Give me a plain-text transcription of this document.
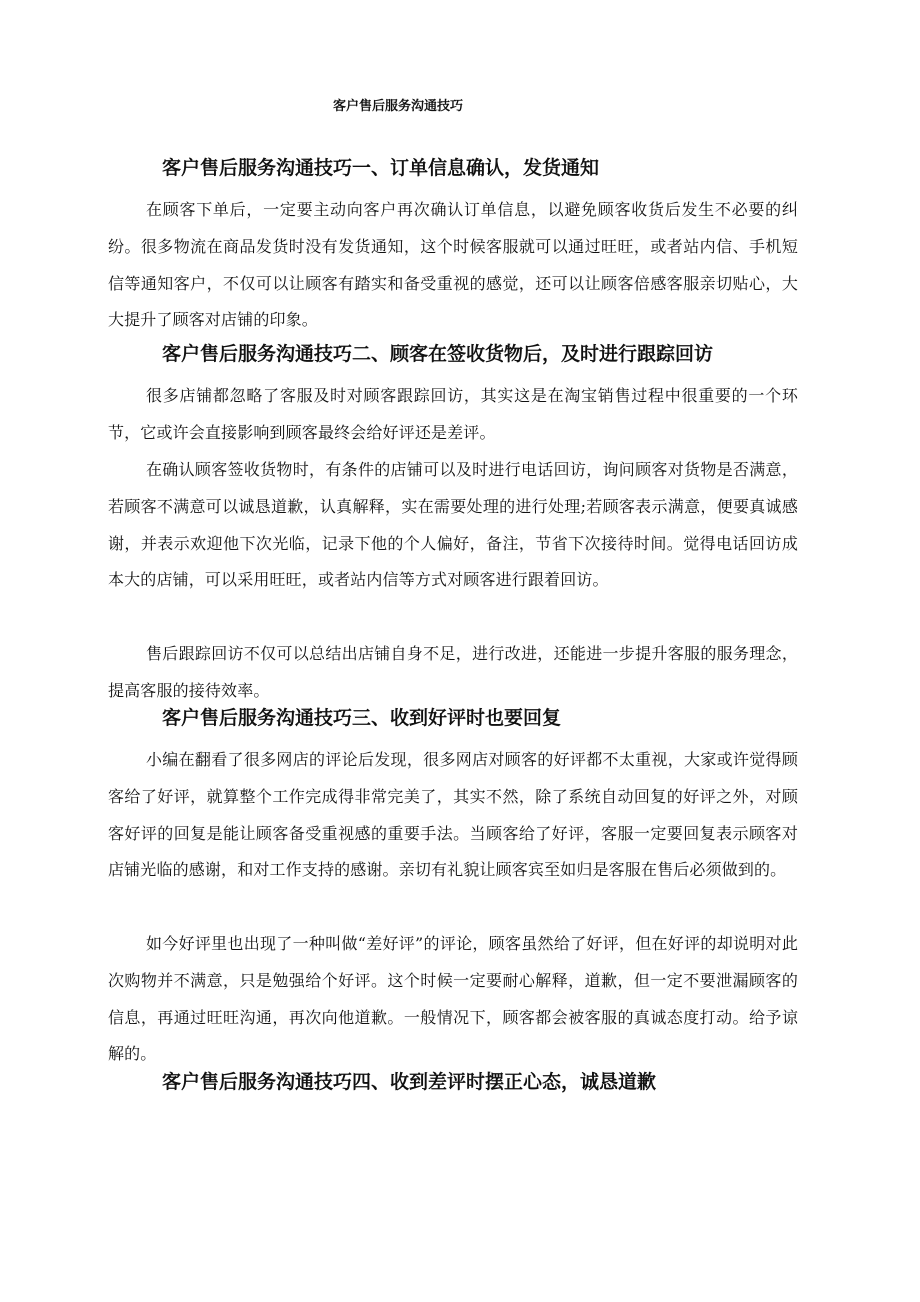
客户售后服务沟通技巧
客户售后服务沟通技巧一、订单信息确认，发货通知

在顾客下单后，一定要主动向客户再次确认订单信息，以避免顾客收货后发生不必要的纠纷。很多物流在商品发货时没有发货通知，这个时候客服就可以通过旺旺，或者站内信、手机短信等通知客户，不仅可以让顾客有踏实和备受重视的感觉，还可以让顾客倍感客服亲切贴心，大大提升了顾客对店铺的印象。

客户售后服务沟通技巧二、顾客在签收货物后，及时进行跟踪回访

很多店铺都忽略了客服及时对顾客跟踪回访，其实这是在淘宝销售过程中很重要的一个环节，它或许会直接影响到顾客最终会给好评还是差评。

在确认顾客签收货物时，有条件的店铺可以及时进行电话回访，询问顾客对货物是否满意，若顾客不满意可以诚恳道歉，认真解释，实在需要处理的进行处理;若顾客表示满意，便要真诚感谢，并表示欢迎他下次光临，记录下他的个人偏好，备注，节省下次接待时间。觉得电话回访成本大的店铺，可以采用旺旺，或者站内信等方式对顾客进行跟着回访。

售后跟踪回访不仅可以总结出店铺自身不足，进行改进，还能进一步提升客服的服务理念，提高客服的接待效率。

客户售后服务沟通技巧三、收到好评时也要回复

小编在翻看了很多网店的评论后发现，很多网店对顾客的好评都不太重视，大家或许觉得顾客给了好评，就算整个工作完成得非常完美了，其实不然，除了系统自动回复的好评之外，对顾客好评的回复是能让顾客备受重视感的重要手法。当顾客给了好评，客服一定要回复表示顾客对店铺光临的感谢，和对工作支持的感谢。亲切有礼貌让顾客宾至如归是客服在售后必须做到的。

如今好评里也出现了一种叫做“差好评”的评论，顾客虽然给了好评，但在好评的却说明对此次购物并不满意，只是勉强给个好评。这个时候一定要耐心解释，道歉，但一定不要泄漏顾客的信息，再通过旺旺沟通，再次向他道歉。一般情况下，顾客都会被客服的真诚态度打动。给予谅解的。

客户售后服务沟通技巧四、收到差评时摆正心态，诚恳道歉
